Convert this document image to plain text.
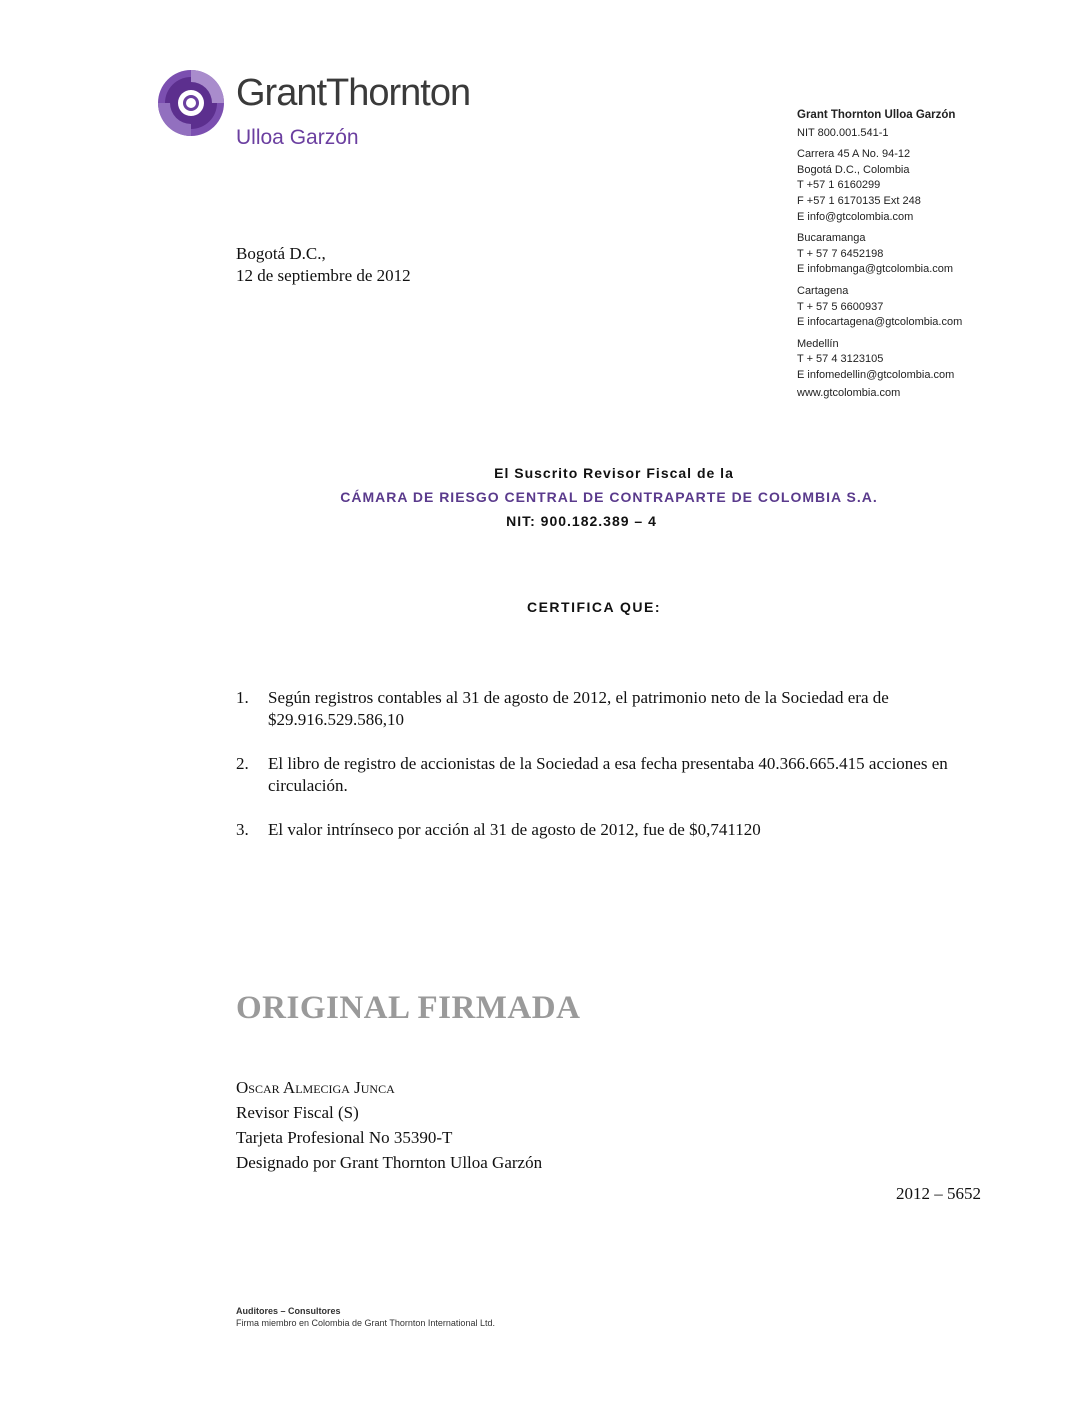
GrantThornton
Ulloa Garzón
Grant Thornton Ulloa Garzón
NIT 800.001.541-1
Carrera 45 A No. 94-12
Bogotá D.C., Colombia
T +57 1 6160299
F +57 1 6170135 Ext 248
E info@gtcolombia.com
Bucaramanga
T + 57 7 6452198
E infobmanga@gtcolombia.com
Cartagena
T + 57 5 6600937
E infocartagena@gtcolombia.com
Medellín
T + 57 4 3123105
E infomedellin@gtcolombia.com
www.gtcolombia.com
Bogotá D.C.,
12 de septiembre de 2012
El Suscrito Revisor Fiscal de la
CÁMARA DE RIESGO CENTRAL DE CONTRAPARTE DE COLOMBIA S.A.
NIT: 900.182.389 – 4
CERTIFICA QUE:
1.	Según registros contables al 31 de agosto de 2012, el patrimonio neto de la Sociedad era de $29.916.529.586,10
2.	El libro de registro de accionistas de la Sociedad a esa fecha presentaba 40.366.665.415 acciones en circulación.
3.	El valor intrínseco por acción al 31 de agosto de 2012, fue de $0,741120
ORIGINAL FIRMADA
Oscar Almeciga Junca
Revisor Fiscal (S)
Tarjeta Profesional No 35390-T
Designado por Grant Thornton Ulloa Garzón
2012 – 5652
Auditores – Consultores
Firma miembro en Colombia de Grant Thornton International Ltd.
